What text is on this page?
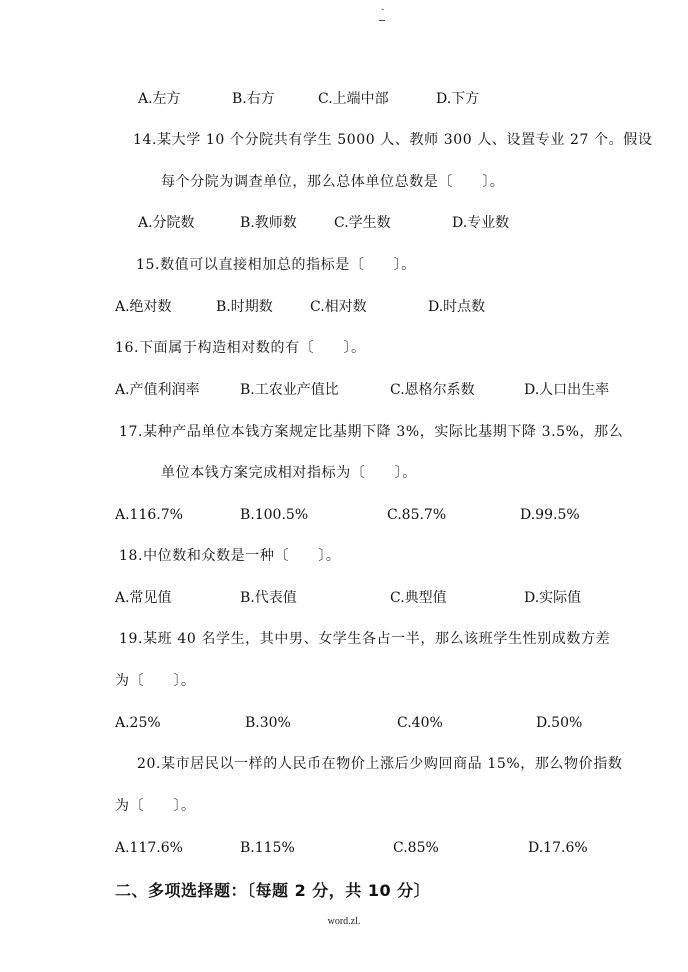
-
A.左方	B.右方	C.上端中部	D.下方
14.某大学 10 个分院共有学生 5000 人、教师 300 人、设置专业 27 个。假设
每个分院为调查单位，那么总体单位总数是〔　　〕。
A.分院数	B.教师数	C.学生数	D.专业数
15.数值可以直接相加总的指标是〔　　〕。
A.绝对数	B.时期数	C.相对数	D.时点数
16.下面属于构造相对数的有〔　　〕。
A.产值利润率	B.工农业产值比	C.恩格尔系数	D.人口出生率
17.某种产品单位本钱方案规定比基期下降 3%，实际比基期下降 3.5%，那么
单位本钱方案完成相对指标为〔　　〕。
A.116.7%	B.100.5%	C.85.7%	D.99.5%
18.中位数和众数是一种〔　　〕。
A.常见值	B.代表值	C.典型值	D.实际值
19.某班 40 名学生，其中男、女学生各占一半，那么该班学生性别成数方差
为〔　　〕。
A.25%	B.30%	C.40%	D.50%
20.某市居民以一样的人民币在物价上涨后少购回商品 15%，那么物价指数
为〔　　〕。
A.117.6%	B.115%	C.85%	D.17.6%
二、多项选择题：〔每题 2 分，共 10 分〕
word.zl.
